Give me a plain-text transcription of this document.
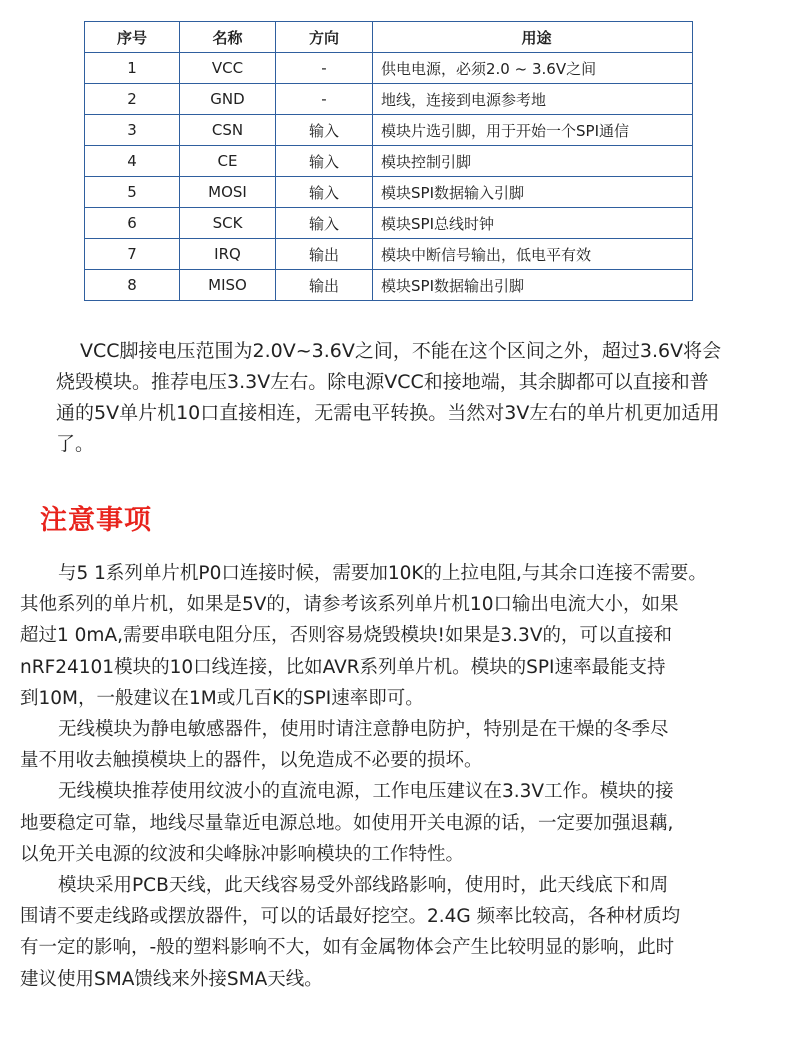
序号	名称	方向	用途
1	VCC	-	供电电源，必须2.0 ~ 3.6V之间
2	GND	-	地线，连接到电源参考地
3	CSN	输入	模块片选引脚，用于开始一个SPI通信
4	CE	输入	模块控制引脚
5	MOSI	输入	模块SPI数据输入引脚
6	SCK	输入	模块SPI总线时钟
7	IRQ	输出	模块中断信号输出，低电平有效
8	MISO	输出	模块SPI数据输出引脚

VCC脚接电压范围为2.0V~3.6V之间，不能在这个区间之外，超过3.6V将会

烧毁模块。推荐电压3.3V左右。除电源VCC和接地端，其余脚都可以直接和普

通的5V单片机10口直接相连，无需电平转换。当然对3V左右的单片机更加适用

了。

注意事项

与5 1系列单片机P0口连接时候，需要加10K的上拉电阻,与其余口连接不需要。

其他系列的单片机，如果是5V的，请参考该系列单片机10口输出电流大小，如果

超过1 0mA,需要串联电阻分压，否则容易烧毁模块!如果是3.3V的，可以直接和

nRF24101模块的10口线连接，比如AVR系列单片机。模块的SPI速率最能支持

到10M，一般建议在1M或几百K的SPI速率即可。

无线模块为静电敏感器件，使用时请注意静电防护，特别是在干燥的冬季尽

量不用收去触摸模块上的器件，以免造成不必要的损坏。

无线模块推荐使用纹波小的直流电源，工作电压建议在3.3V工作。模块的接

地要稳定可靠，地线尽量靠近电源总地。如使用开关电源的话，一定要加强退藕,

以免开关电源的纹波和尖峰脉冲影响模块的工作特性。

模块采用PCB天线，此天线容易受外部线路影响，使用时，此天线底下和周

围请不要走线路或摆放器件，可以的话最好挖空。2.4G 频率比较高，各种材质均

有一定的影响，-般的塑料影响不大，如有金属物体会产生比较明显的影响，此时

建议使用SMA馈线来外接SMA天线。
